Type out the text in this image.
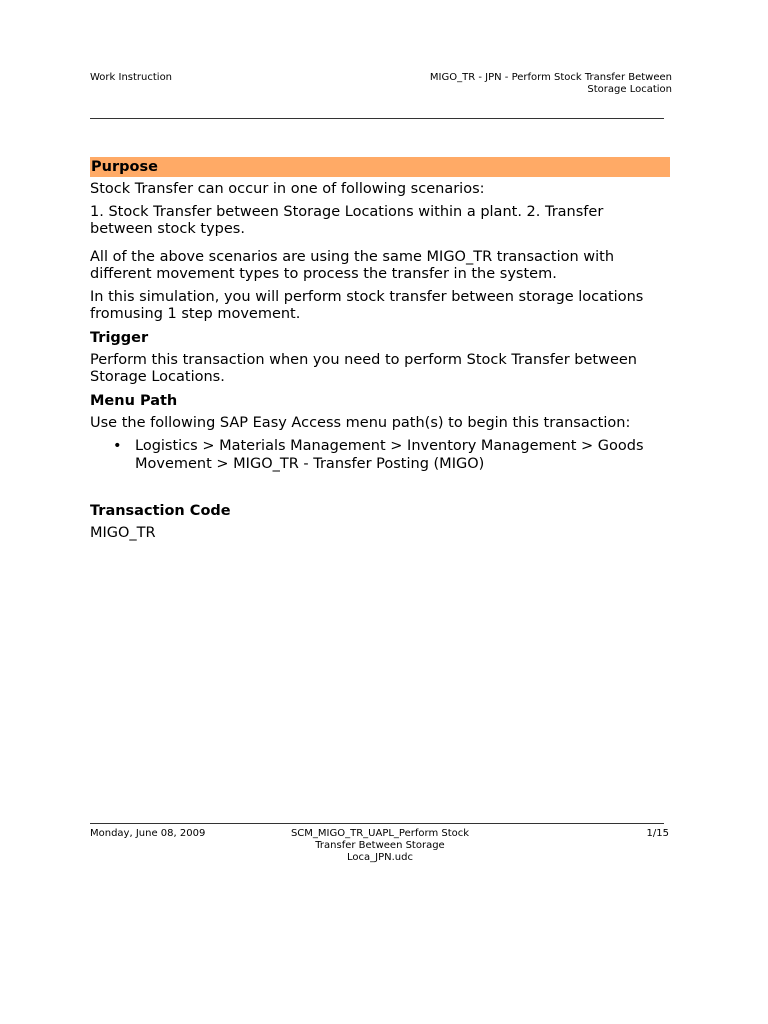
Work Instruction	MIGO_TR - JPN - Perform Stock Transfer Between
Storage Location
Purpose

Stock Transfer can occur in one of following scenarios:

1. Stock Transfer between Storage Locations within a plant. 2. Transfer between stock types.

All of the above scenarios are using the same MIGO_TR transaction with different movement types to process the transfer in the system.

In this simulation, you will perform stock transfer between storage locations fromusing 1 step movement.

Trigger

Perform this transaction when you need to perform Stock Transfer between Storage Locations.

Menu Path

Use the following SAP Easy Access menu path(s) to begin this transaction:

• Logistics > Materials Management > Inventory Management > Goods Movement > MIGO_TR - Transfer Posting (MIGO)
Transaction Code

MIGO_TR

Monday, June 08, 2009	SCM_MIGO_TR_UAPL_Perform Stock
Transfer Between Storage
Loca_JPN.udc
1/15
